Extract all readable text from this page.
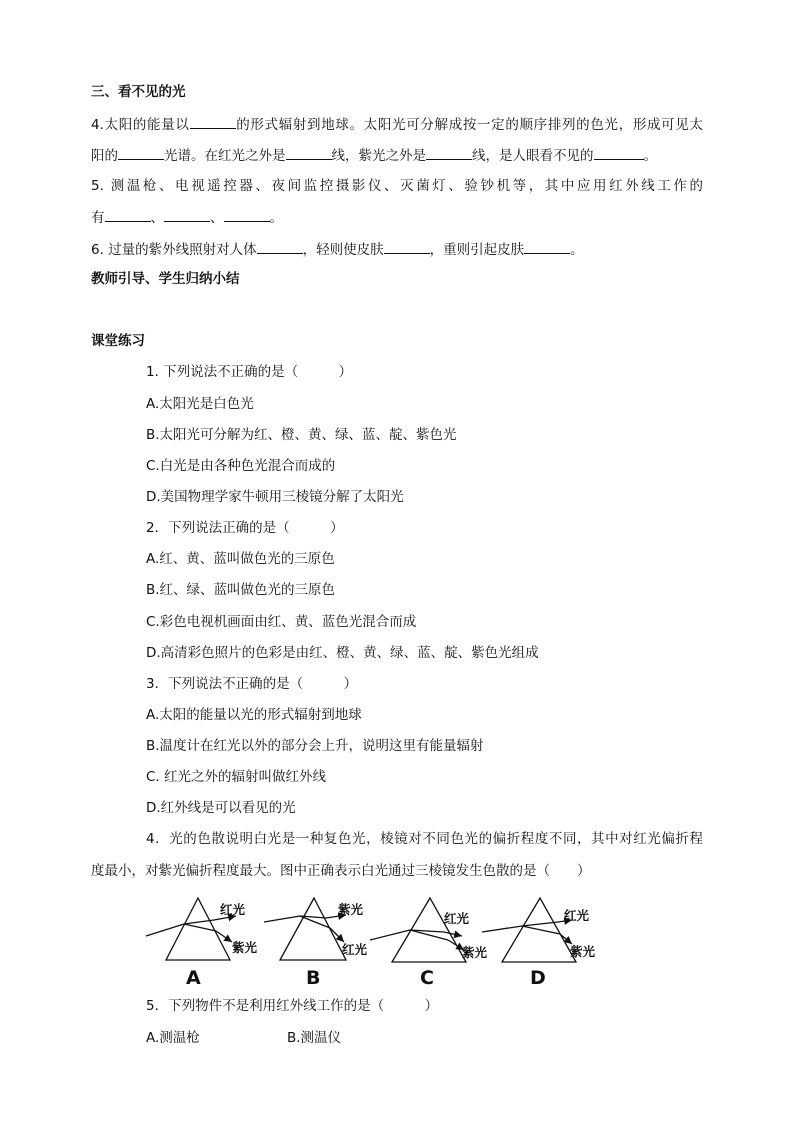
三、看不见的光
4.太阳的能量以	的形式辐射到地球。太阳光可分解成按一定的顺序排列的色光，形成可见太
阳的	光谱。在红光之外是	线，紫光之外是	线，是人眼看不见的	。
5. 测温枪、电视遥控器、夜间监控摄影仪、灭菌灯、验钞机等，其中应用红外线工作的
有	、	、	。
6. 过量的紫外线照射对人体	，轻则使皮肤	，重则引起皮肤	。
教师引导、学生归纳小结
课堂练习
1. 下列说法不正确的是（　　　）
A.太阳光是白色光
B.太阳光可分解为红、橙、黄、绿、蓝、靛、紫色光
C.白光是由各种色光混合而成的
D.美国物理学家牛顿用三棱镜分解了太阳光
2．下列说法正确的是（　　　）
A.红、黄、蓝叫做色光的三原色
B.红、绿、蓝叫做色光的三原色
C.彩色电视机画面由红、黄、蓝色光混合而成
D.高清彩色照片的色彩是由红、橙、黄、绿、蓝、靛、紫色光组成
3．下列说法不正确的是（　　　）
A.太阳的能量以光的形式辐射到地球
B.温度计在红光以外的部分会上升，说明这里有能量辐射
C. 红光之外的辐射叫做红外线
D.红外线是可以看见的光
4．光的色散说明白光是一种复色光，棱镜对不同色光的偏折程度不同，其中对红光偏折程
度最小，对紫光偏折程度最大。图中正确表示白光通过三棱镜发生色散的是（　　）
红光
紫光
紫光
红光
红光
紫光
红光
紫光
A	B	C	D
5．下列物件不是利用红外线工作的是（　　　）
A.测温枪	B.测温仪
